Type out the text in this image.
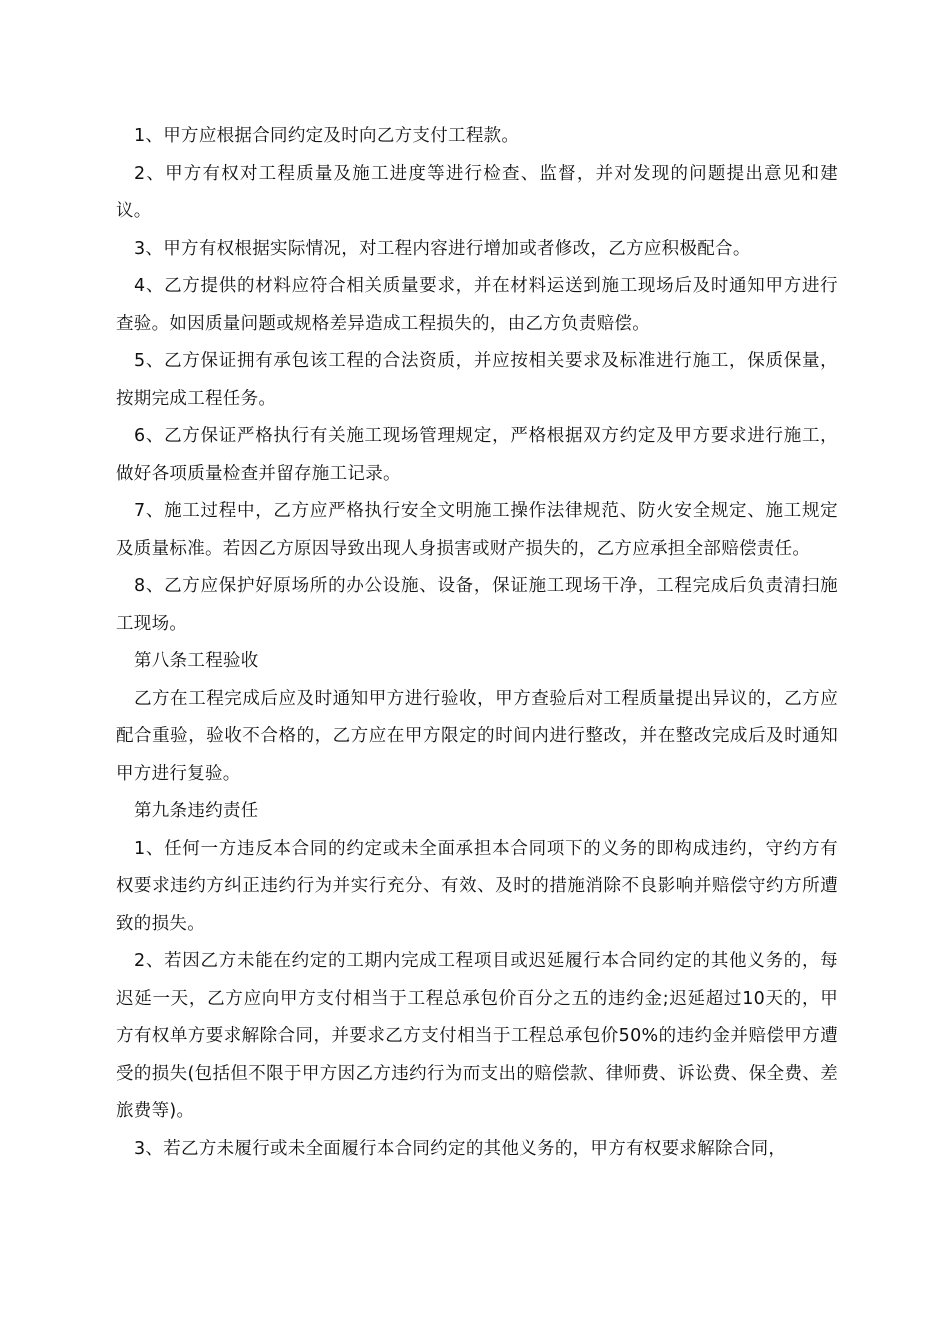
1、甲方应根据合同约定及时向乙方支付工程款。

2、甲方有权对工程质量及施工进度等进行检查、监督，并对发现的问题提出意见和建议。

3、甲方有权根据实际情况，对工程内容进行增加或者修改，乙方应积极配合。

4、乙方提供的材料应符合相关质量要求，并在材料运送到施工现场后及时通知甲方进行查验。如因质量问题或规格差异造成工程损失的，由乙方负责赔偿。

5、乙方保证拥有承包该工程的合法资质，并应按相关要求及标准进行施工，保质保量，按期完成工程任务。

6、乙方保证严格执行有关施工现场管理规定，严格根据双方约定及甲方要求进行施工，做好各项质量检查并留存施工记录。

7、施工过程中，乙方应严格执行安全文明施工操作法律规范、防火安全规定、施工规定及质量标准。若因乙方原因导致出现人身损害或财产损失的，乙方应承担全部赔偿责任。

8、乙方应保护好原场所的办公设施、设备，保证施工现场干净，工程完成后负责清扫施工现场。

第八条工程验收

乙方在工程完成后应及时通知甲方进行验收，甲方查验后对工程质量提出异议的，乙方应配合重验，验收不合格的，乙方应在甲方限定的时间内进行整改，并在整改完成后及时通知甲方进行复验。

第九条违约责任

1、任何一方违反本合同的约定或未全面承担本合同项下的义务的即构成违约，守约方有权要求违约方纠正违约行为并实行充分、有效、及时的措施消除不良影响并赔偿守约方所遭致的损失。

2、若因乙方未能在约定的工期内完成工程项目或迟延履行本合同约定的其他义务的，每迟延一天，乙方应向甲方支付相当于工程总承包价百分之五的违约金;迟延超过10天的，甲方有权单方要求解除合同，并要求乙方支付相当于工程总承包价50%的违约金并赔偿甲方遭受的损失(包括但不限于甲方因乙方违约行为而支出的赔偿款、律师费、诉讼费、保全费、差旅费等)。

3、若乙方未履行或未全面履行本合同约定的其他义务的，甲方有权要求解除合同，
